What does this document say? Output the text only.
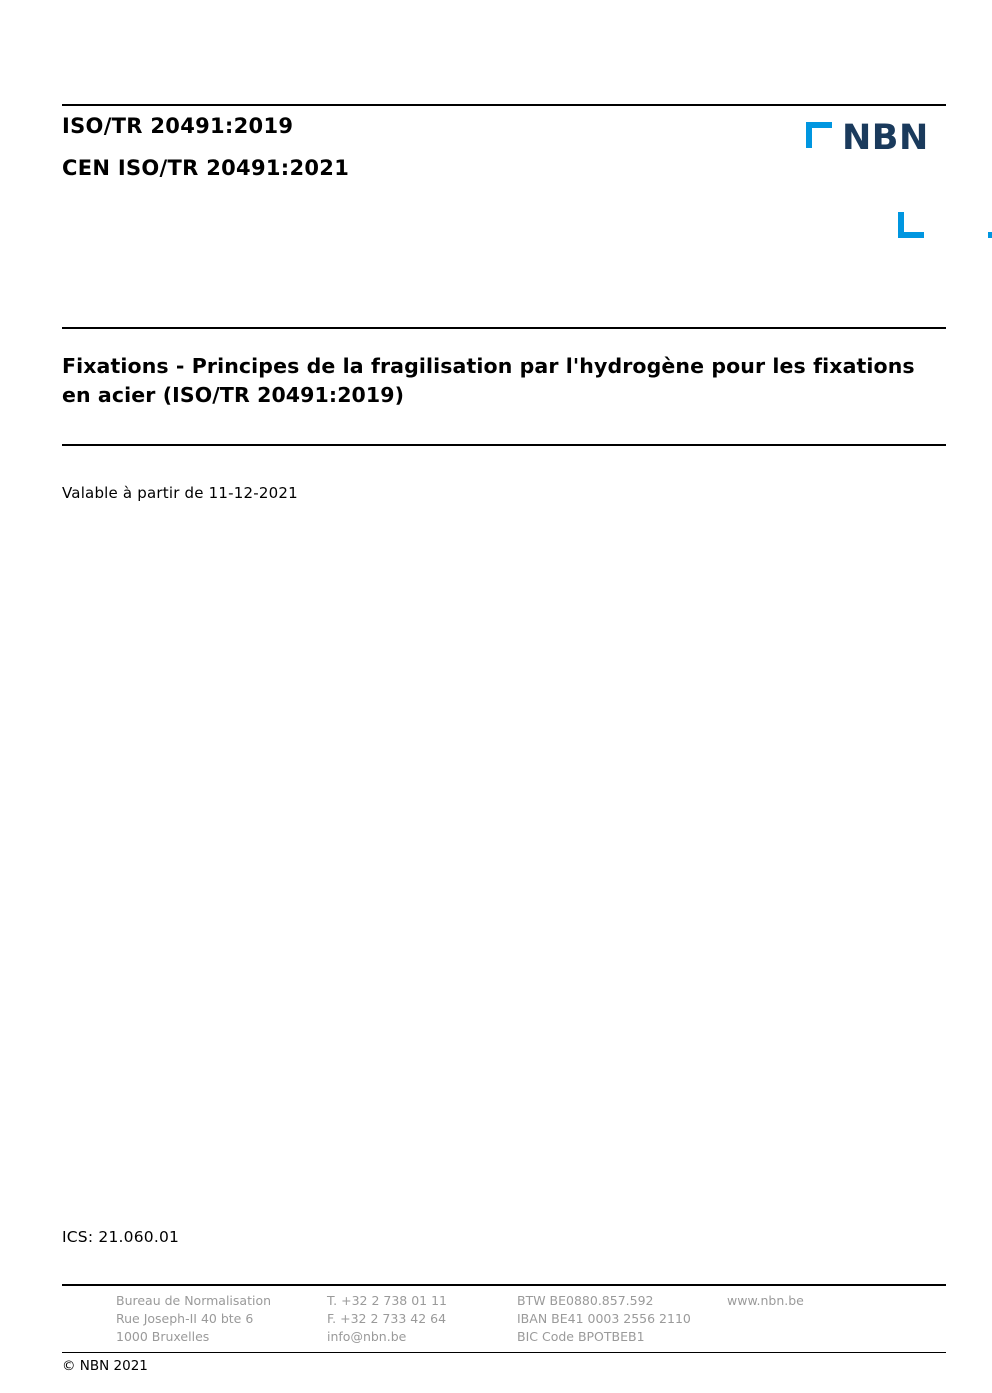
ISO/TR 20491:2019
CEN ISO/TR 20491:2021
NBN
Fixations - Principes de la fragilisation par l'hydrogène pour les fixations en acier (ISO/TR 20491:2019)
Valable à partir de 11-12-2021
ICS: 21.060.01
Bureau de Normalisation
Rue Joseph-II 40 bte 6
1000 Bruxelles
T. +32 2 738 01 11
F. +32 2 733 42 64
info@nbn.be
BTW BE0880.857.592
IBAN BE41 0003 2556 2110
BIC Code BPOTBEB1
www.nbn.be
© NBN 2021
